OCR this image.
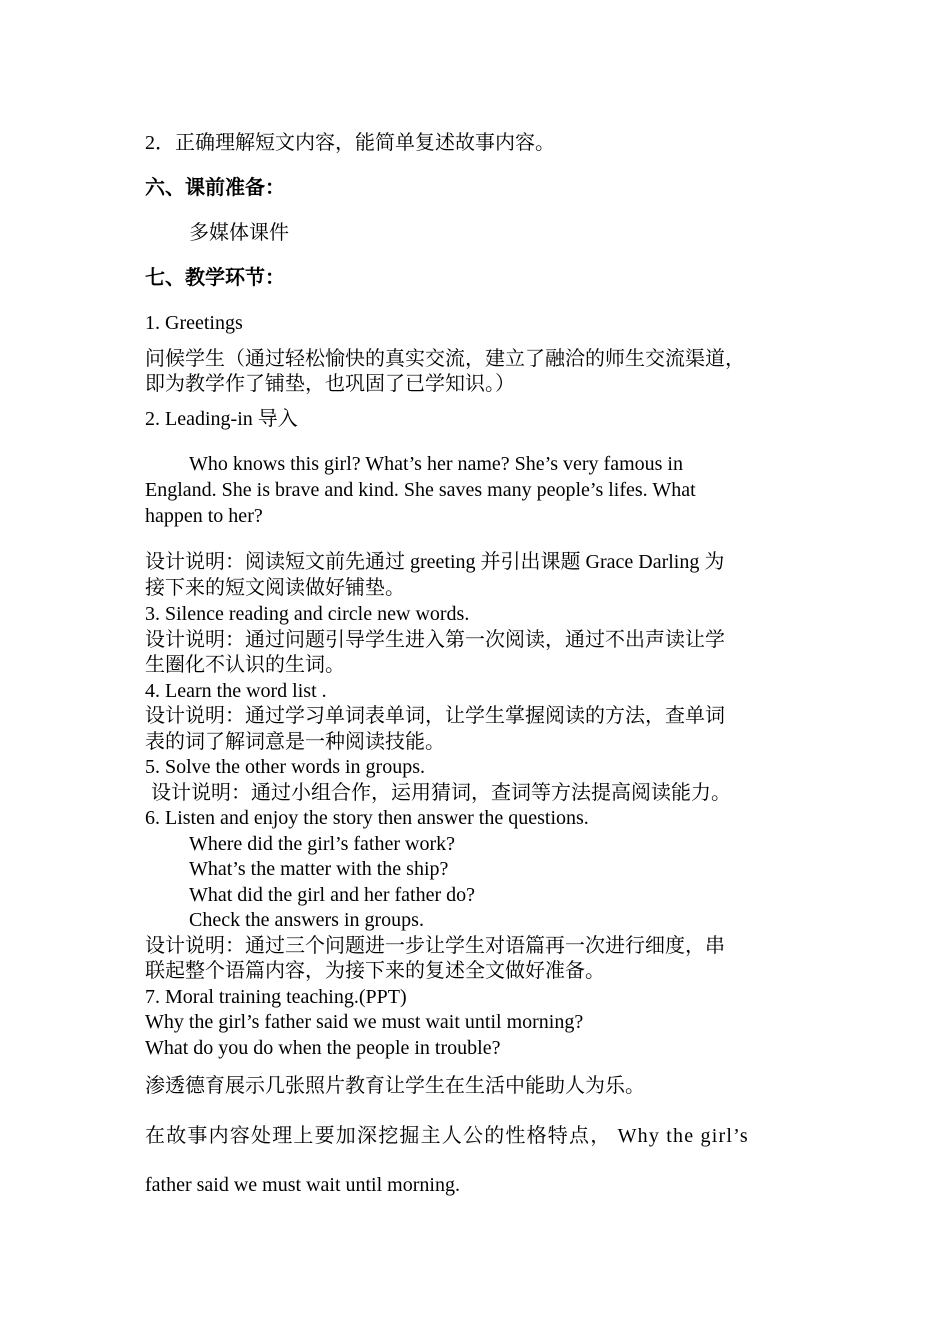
2．正确理解短文内容，能简单复述故事内容。
六、课前准备：
多媒体课件
七、教学环节：
1. Greetings
问候学生（通过轻松愉快的真实交流，建立了融洽的师生交流渠道，
即为教学作了铺垫，也巩固了已学知识。）
2. Leading-in 导入
Who knows this girl? What’s her name? She’s very famous in
England. She is brave and kind. She saves many people’s lifes. What
happen to her?
设计说明：阅读短文前先通过 greeting 并引出课题 Grace Darling 为
接下来的短文阅读做好铺垫。
3. Silence reading and circle new words.
设计说明：通过问题引导学生进入第一次阅读，通过不出声读让学
生圈化不认识的生词。
4. Learn the word list .
设计说明：通过学习单词表单词，让学生掌握阅读的方法，查单词
表的词了解词意是一种阅读技能。
5. Solve the other words in groups.
设计说明：通过小组合作，运用猜词，查词等方法提高阅读能力。
6. Listen and enjoy the story then answer the questions.
Where did the girl’s father work?
What’s the matter with the ship?
What did the girl and her father do?
Check the answers in groups.
设计说明：通过三个问题进一步让学生对语篇再一次进行细度，串
联起整个语篇内容，为接下来的复述全文做好准备。
7. Moral training teaching.(PPT)
Why the girl’s father said we must wait until morning?
What do you do when the people in trouble?
渗透德育展示几张照片教育让学生在生活中能助人为乐。
在故事内容处理上要加深挖掘主人公的性格特点， Why the girl’s
father said we must wait until morning.
